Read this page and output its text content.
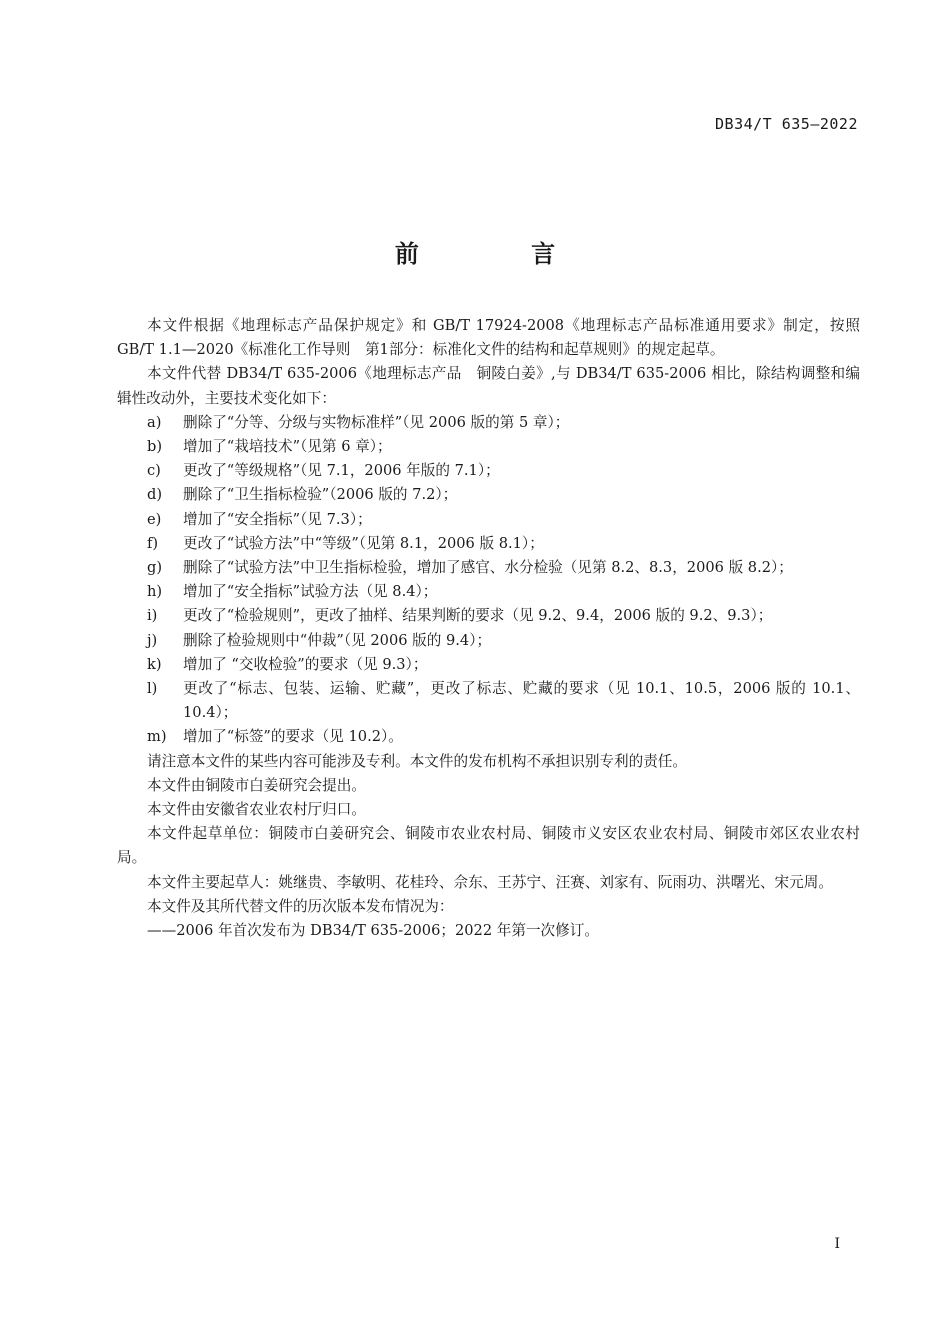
DB34/T 635—2022
前 言

本文件根据《地理标志产品保护规定》和 GB/T 17924-2008《地理标志产品标准通用要求》制定，按照 GB/T 1.1—2020《标准化工作导则　第1部分：标准化文件的结构和起草规则》的规定起草。

本文件代替 DB34/T 635-2006《地理标志产品　铜陵白姜》,与 DB34/T 635-2006 相比，除结构调整和编辑性改动外，主要技术变化如下：

a)	删除了“分等、分级与实物标准样”（见 2006 版的第 5 章）；
b)	增加了“栽培技术”（见第 6 章）；
c)	更改了“等级规格”（见 7.1，2006 年版的 7.1）；
d)	删除了“卫生指标检验”（2006 版的 7.2）；
e)	增加了“安全指标”（见 7.3）；
f)	更改了“试验方法”中“等级”（见第 8.1，2006 版 8.1）；
g)	删除了“试验方法”中卫生指标检验，增加了感官、水分检验（见第 8.2、8.3，2006 版 8.2）；
h)	增加了“安全指标”试验方法（见 8.4）；
i)	更改了“检验规则”，更改了抽样、结果判断的要求（见 9.2、9.4，2006 版的 9.2、9.3）；
j)	删除了检验规则中“仲裁”（见 2006 版的 9.4）；
k)	增加了 “交收检验”的要求（见 9.3）；
l)	更改了“标志、包装、运输、贮藏”，更改了标志、贮藏的要求（见 10.1、10.5，2006 版的 10.1、10.4）；
m)	增加了“标签”的要求（见 10.2）。

请注意本文件的某些内容可能涉及专利。本文件的发布机构不承担识别专利的责任。

本文件由铜陵市白姜研究会提出。

本文件由安徽省农业农村厅归口。

本文件起草单位：铜陵市白姜研究会、铜陵市农业农村局、铜陵市义安区农业农村局、铜陵市郊区农业农村局。

本文件主要起草人：姚继贵、李敏明、花桂玲、佘东、王苏宁、汪赛、刘家有、阮雨功、洪曙光、宋元周。

本文件及其所代替文件的历次版本发布情况为：

——2006 年首次发布为 DB34/T 635-2006；2022 年第一次修订。

I
